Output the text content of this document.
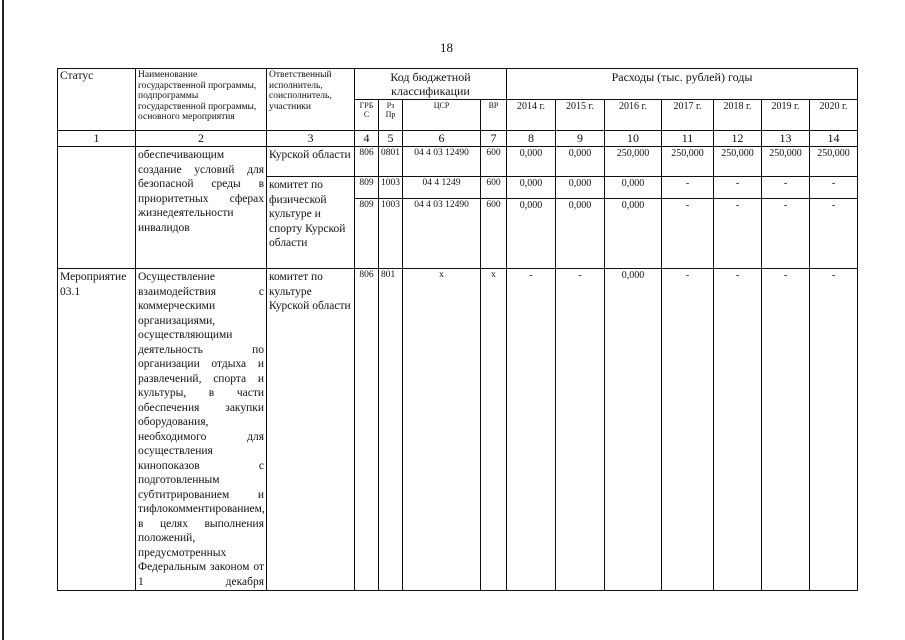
18
Статус	Наименование государственной программы, подпрограммы государственной программы, основного мероприятия	Ответственный исполнитель, соисполнитель, участники	Код бюджетной классификации				Расходы (тыс. рублей) годы						
			ГРБ С	Рз Пр	ЦСР	ВР	2014 г.	2015 г.	2016 г.	2017 г.	2018 г.	2019 г.	2020 г.
1	2	3	4	5	6	7	8	9	10	11	12	13	14
	обеспечивающим создание условий для безопасной среды в приоритетных сферах жизнедеятельности инвалидов	Курской области	806	0801	04 4 03 12490	600	0,000	0,000	250,000	250,000	250,000	250,000	250,000
		комитет по физической культуре и спорту Курской области	809	1003	04 4 1249	600	0,000	0,000	0,000	-	-	-	-
			809	1003	04 4 03 12490	600	0,000	0,000	0,000	-	-	-	-
Мероприятие 03.1	Осуществление взаимодействия с коммерческими организациями, осуществляющими деятельность по организации отдыха и развлечений, спорта и культуры, в части обеспечения закупки оборудования, необходимого для осуществления кинопоказов с подготовленным субтитрированием и тифлокомментированием, в целях выполнения положений, предусмотренных Федеральным законом от 1 декабря	комитет по культуре Курской области	806	801	x	x	-	-	0,000	-	-	-	-
